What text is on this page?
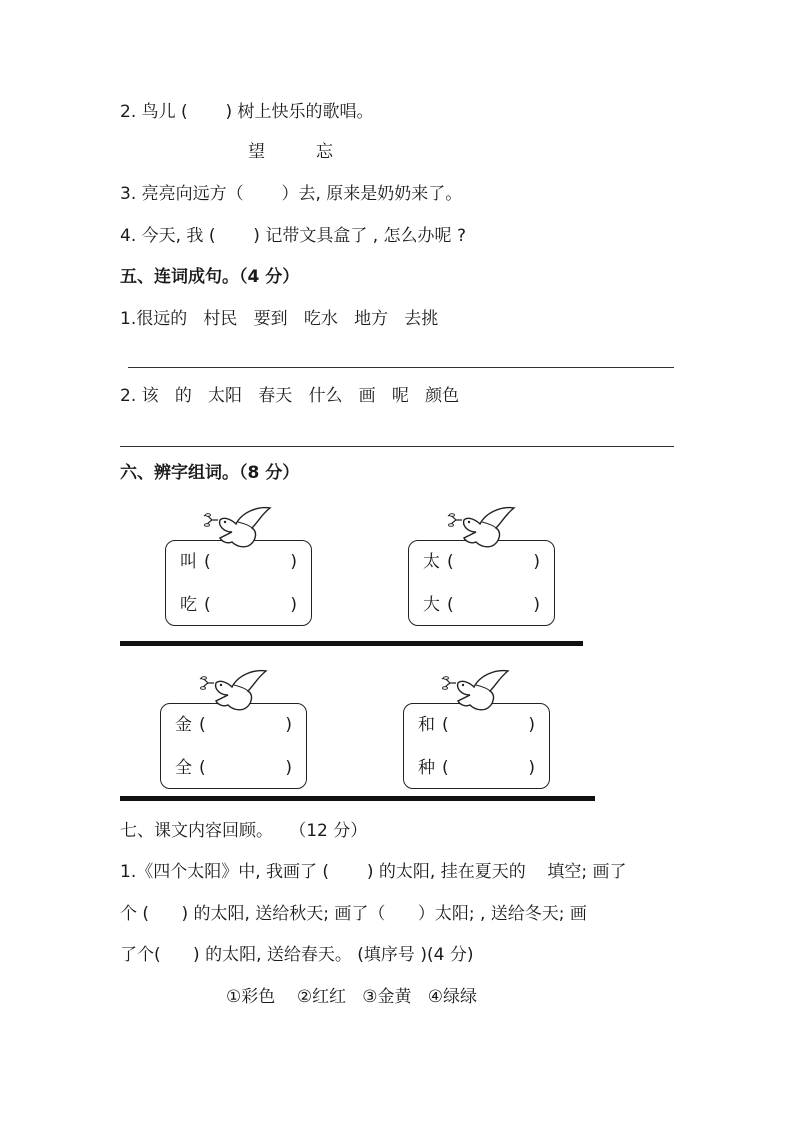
2. 鸟儿 (       ) 树上快乐的歌唱。
望	忘
3. 亮亮向远方（       ）去, 原来是奶奶来了。
4. 今天, 我 (       ) 记带文具盒了 , 怎么办呢 ?
五、连词成句。（4 分）
1.很远的   村民   要到   吃水   地方   去挑
2. 该   的   太阳   春天   什么   画   呢   颜色
六、辨字组词。（8 分）
叫 (	)
吃 (	)
太 (	)
大 (	)
金 (	)
全 (	)
和 (	)
种 (	)
七、课文内容回顾。   （12 分）
1.《四个太阳》中, 我画了 (       ) 的太阳, 挂在夏天的    填空; 画了
个 (      ) 的太阳, 送给秋天; 画了（      ）太阳; , 送给冬天; 画
了个(      ) 的太阳, 送给春天。 (填序号 )(4 分)
①彩色    ②红红   ③金黄   ④绿绿
